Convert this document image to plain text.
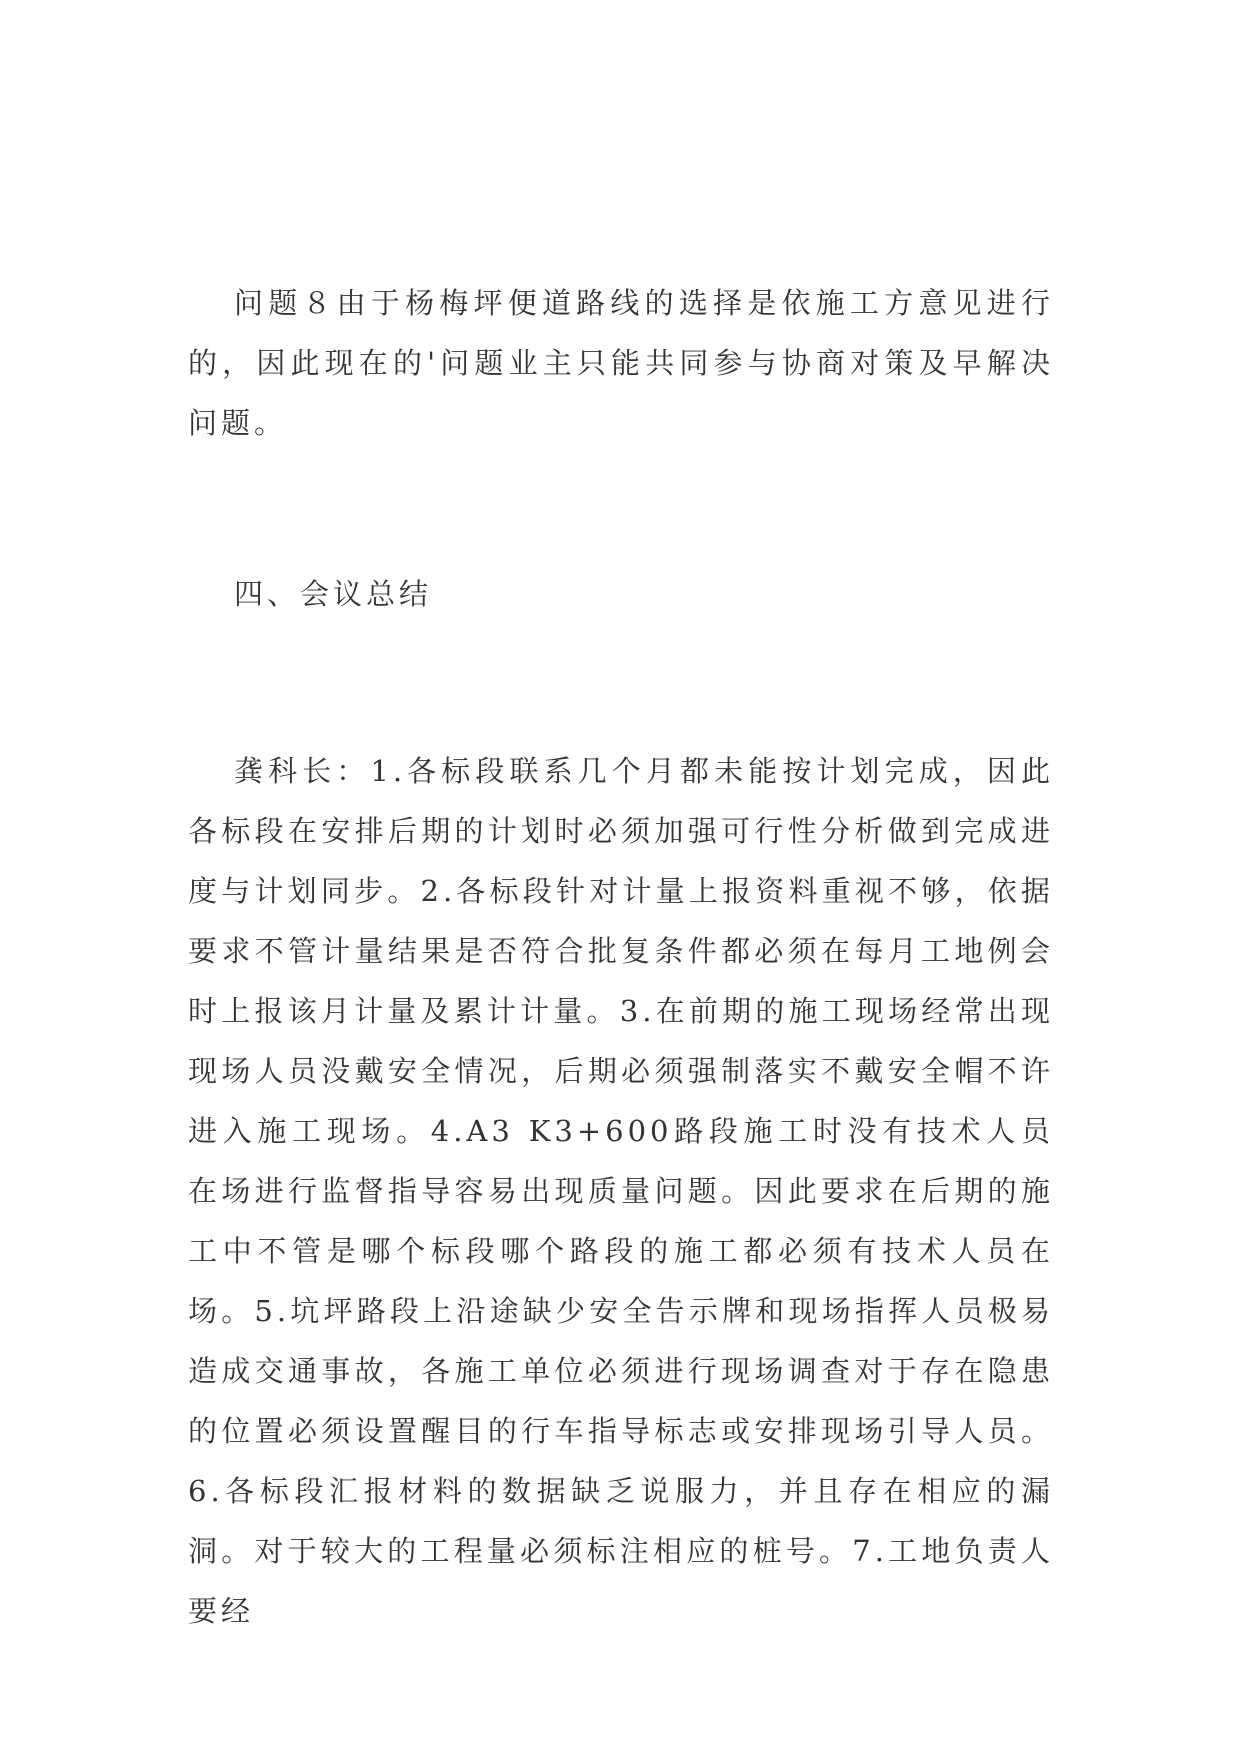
问题８由于杨梅坪便道路线的选择是依施工方意见进行的，因此现在的'问题业主只能共同参与协商对策及早解决问题。

四、会议总结

龚科长：1.各标段联系几个月都未能按计划完成，因此各标段在安排后期的计划时必须加强可行性分析做到完成进度与计划同步。2.各标段针对计量上报资料重视不够，依据要求不管计量结果是否符合批复条件都必须在每月工地例会时上报该月计量及累计计量。3.在前期的施工现场经常出现现场人员没戴安全情况，后期必须强制落实不戴安全帽不许进入施工现场。4.A3 K3+600路段施工时没有技术人员在场进行监督指导容易出现质量问题。因此要求在后期的施工中不管是哪个标段哪个路段的施工都必须有技术人员在场。5.坑坪路段上沿途缺少安全告示牌和现场指挥人员极易造成交通事故，各施工单位必须进行现场调查对于存在隐患的位置必须设置醒目的行车指导标志或安排现场引导人员。6.各标段汇报材料的数据缺乏说服力，并且存在相应的漏洞。对于较大的工程量必须标注相应的桩号。7.工地负责人要经
